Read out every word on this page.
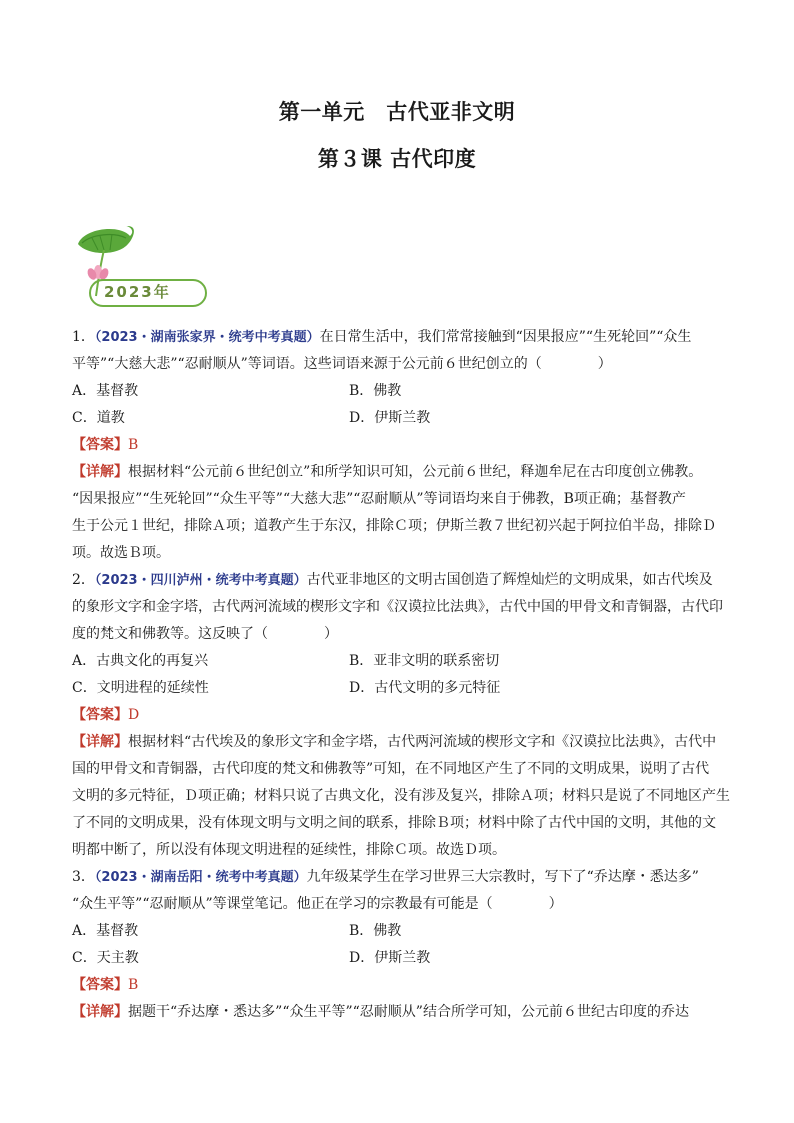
第一单元　古代亚非文明
第３课 古代印度
2023年
1．（2023・湖南张家界・统考中考真题）在日常生活中，我们常常接触到“因果报应”“生死轮回”“众生
平等”“大慈大悲”“忍耐顺从”等词语。这些词语来源于公元前６世纪创立的（　　　　）
A．基督教	B．佛教
C．道教	D．伊斯兰教
【答案】B
【详解】根据材料“公元前６世纪创立”和所学知识可知，公元前６世纪，释迦牟尼在古印度创立佛教。
“因果报应”“生死轮回”“众生平等”“大慈大悲”“忍耐顺从”等词语均来自于佛教，B项正确；基督教产
生于公元１世纪，排除Ａ项；道教产生于东汉，排除Ｃ项；伊斯兰教７世纪初兴起于阿拉伯半岛，排除Ｄ
项。故选Ｂ项。
2．（2023・四川泸州・统考中考真题）古代亚非地区的文明古国创造了辉煌灿烂的文明成果，如古代埃及
的象形文字和金字塔，古代两河流域的楔形文字和《汉谟拉比法典》，古代中国的甲骨文和青铜器，古代印
度的梵文和佛教等。这反映了（　　　　）
A．古典文化的再复兴	B．亚非文明的联系密切
C．文明进程的延续性	D．古代文明的多元特征
【答案】D
【详解】根据材料“古代埃及的象形文字和金字塔，古代两河流域的楔形文字和《汉谟拉比法典》，古代中
国的甲骨文和青铜器，古代印度的梵文和佛教等”可知，在不同地区产生了不同的文明成果，说明了古代
文明的多元特征，Ｄ项正确；材料只说了古典文化，没有涉及复兴，排除Ａ项；材料只是说了不同地区产生
了不同的文明成果，没有体现文明与文明之间的联系，排除Ｂ项；材料中除了古代中国的文明，其他的文
明都中断了，所以没有体现文明进程的延续性，排除Ｃ项。故选Ｄ项。
3．（2023・湖南岳阳・统考中考真题）九年级某学生在学习世界三大宗教时，写下了“乔达摩・悉达多”
“众生平等”“忍耐顺从”等课堂笔记。他正在学习的宗教最有可能是（　　　　）
A．基督教	B．佛教
C．天主教	D．伊斯兰教
【答案】B
【详解】据题干“乔达摩・悉达多”“众生平等”“忍耐顺从”结合所学可知，公元前６世纪古印度的乔达
